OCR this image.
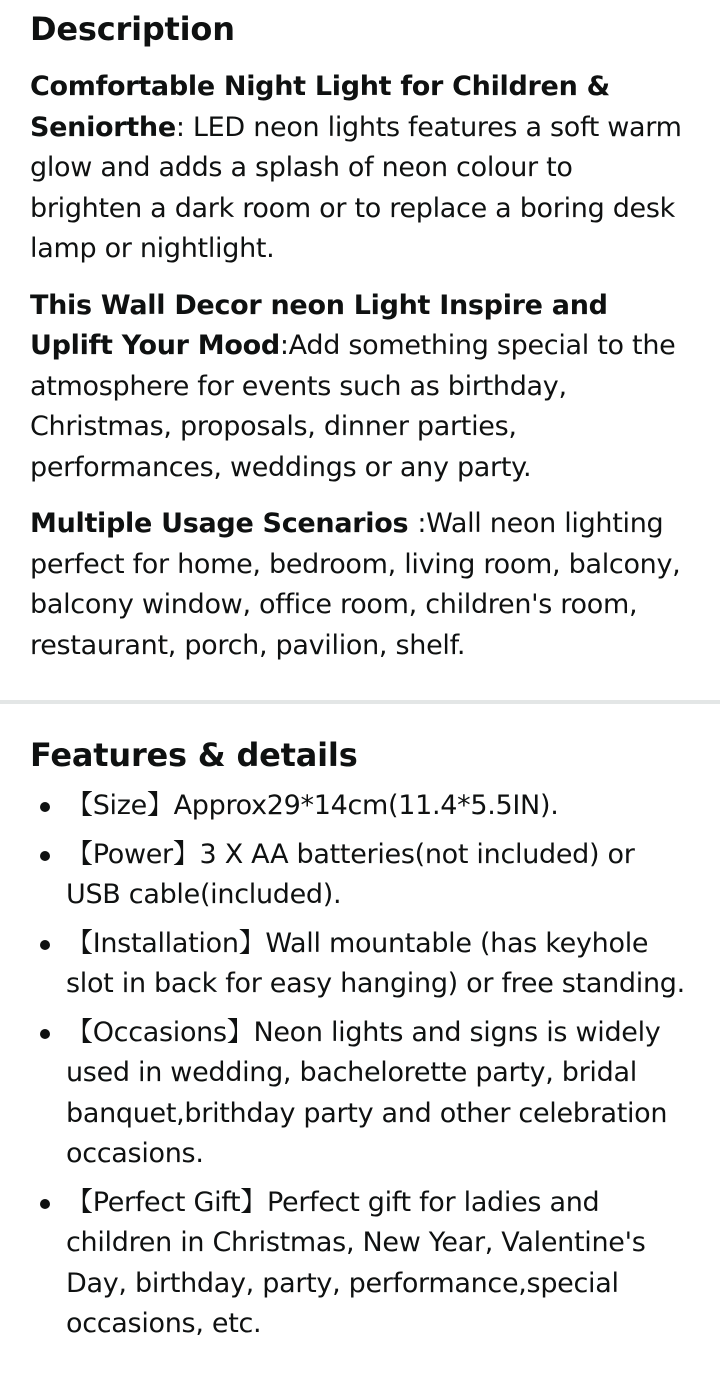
Description

Comfortable Night Light for Children & Seniorthe: LED neon lights features a soft warm glow and adds a splash of neon colour to brighten a dark room or to replace a boring desk lamp or nightlight.

This Wall Decor neon Light Inspire and Uplift Your Mood:Add something special to the atmosphere for events such as birthday, Christmas, proposals, dinner parties, performances, weddings or any party.

Multiple Usage Scenarios :Wall neon lighting perfect for home, bedroom, living room, balcony, balcony window, office room, children's room, restaurant, porch, pavilion, shelf.

Features & details
【Size】Approx29*14cm(11.4*5.5IN).
【Power】3 X AA batteries(not included) or USB cable(included).
【Installation】Wall mountable (has keyhole slot in back for easy hanging) or free standing.
【Occasions】Neon lights and signs is widely used in wedding, bachelorette party, bridal banquet,brithday party and other celebration occasions.
【Perfect Gift】Perfect gift for ladies and children in Christmas, New Year, Valentine's Day, birthday, party, performance,special occasions, etc.
